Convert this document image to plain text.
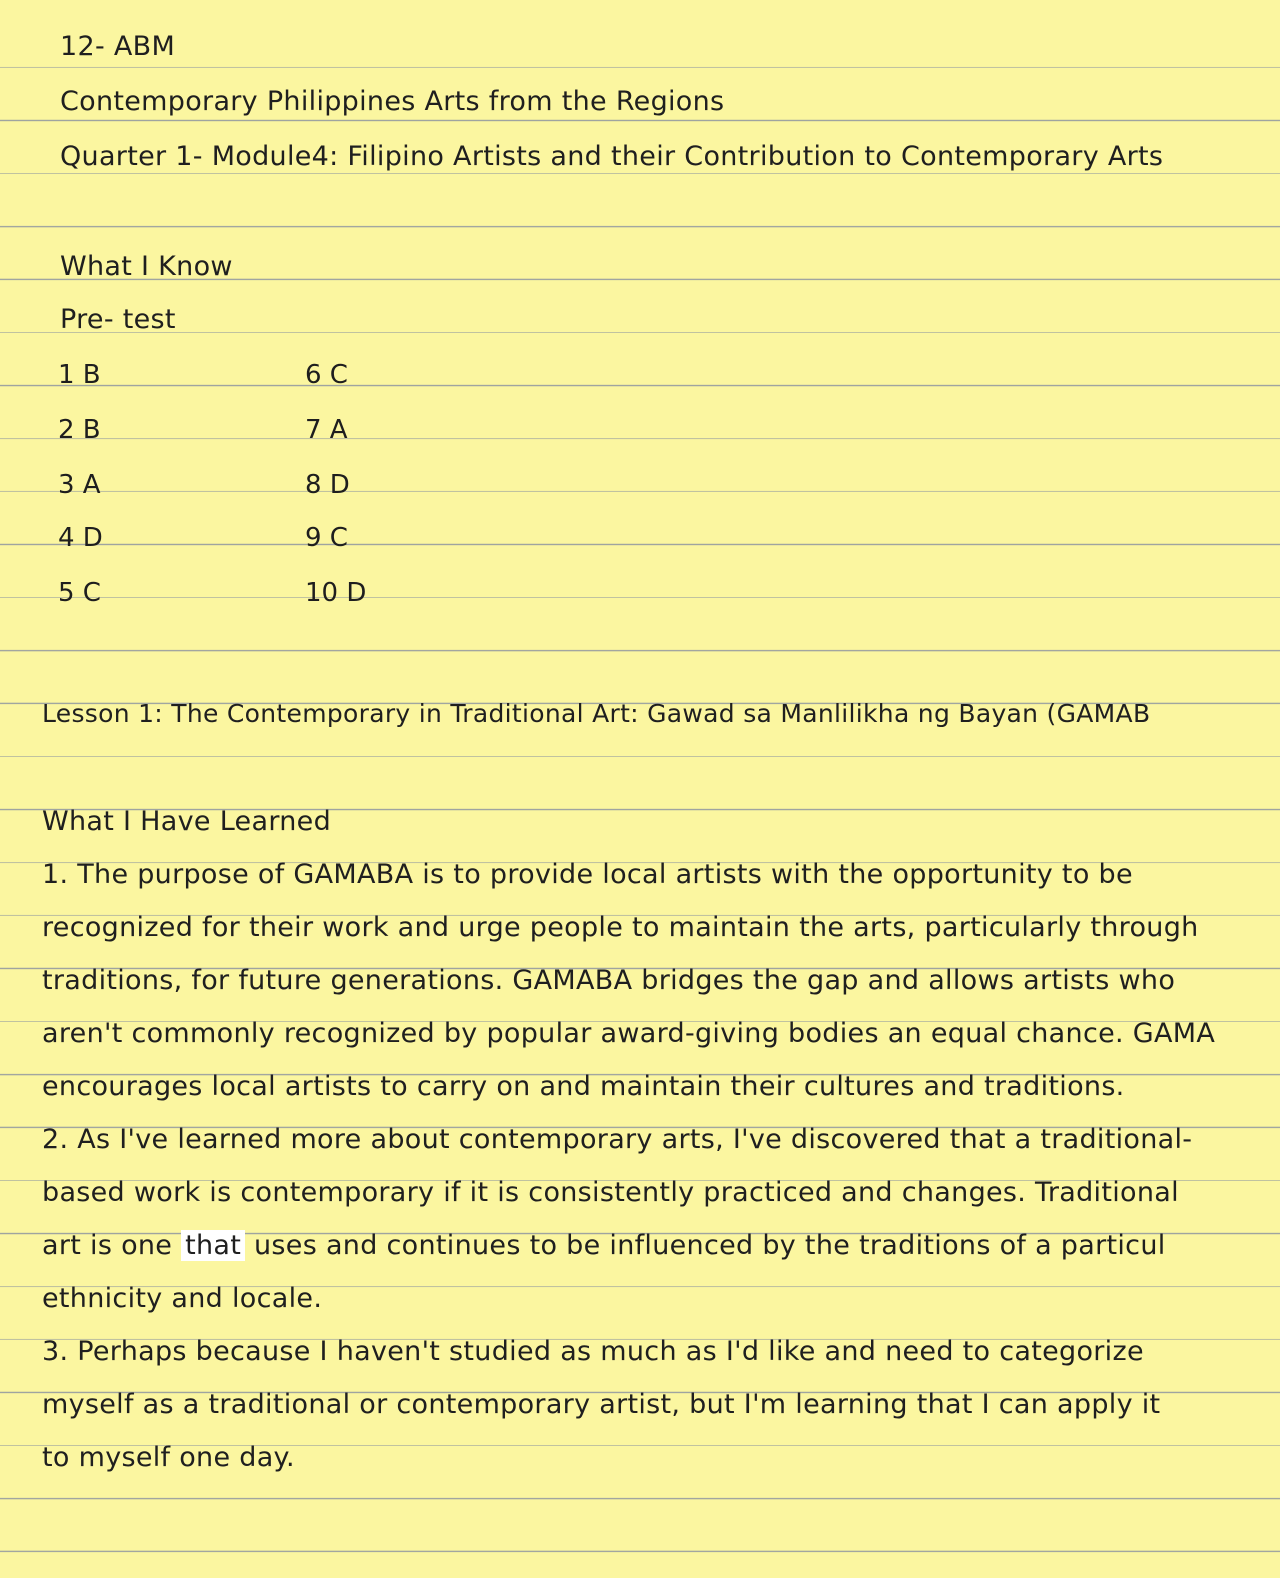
12- ABM
Contemporary Philippines Arts from the Regions
Quarter 1- Module4: Filipino Artists and their Contribution to Contemporary Arts
What I Know
Pre- test
1 B
2 B
3 A
4 D
5 C
6 C
7 A
8 D
9 C
10 D
Lesson 1: The Contemporary in Traditional Art: Gawad sa Manlilikha ng Bayan (GAMAB
What I Have Learned
1. The purpose of GAMABA is to provide local artists with the opportunity to be
recognized for their work and urge people to maintain the arts, particularly through
traditions, for future generations. GAMABA bridges the gap and allows artists who
aren't commonly recognized by popular award-giving bodies an equal chance. GAMA
encourages local artists to carry on and maintain their cultures and traditions.
2. As I've learned more about contemporary arts, I've discovered that a traditional-
based work is contemporary if it is consistently practiced and changes. Traditional
art is one that uses and continues to be influenced by the traditions of a particul
ethnicity and locale.
3. Perhaps because I haven't studied as much as I'd like and need to categorize
myself as a traditional or contemporary artist, but I'm learning that I can apply it
to myself one day.
